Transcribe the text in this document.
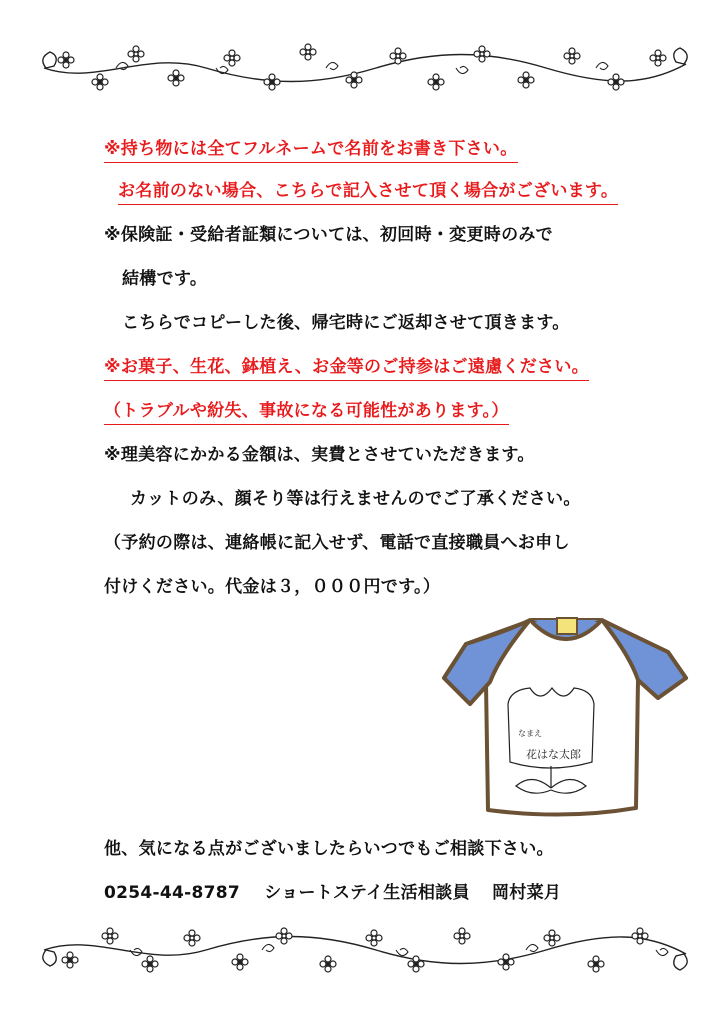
※持ち物には全てフルネームで名前をお書き下さい。
お名前のない場合、こちらで記入させて頂く場合がございます。
※保険証・受給者証類については、初回時・変更時のみで
結構です。
こちらでコピーした後、帰宅時にご返却させて頂きます。
※お菓子、生花、鉢植え、お金等のご持参はご遠慮ください。
（トラブルや紛失、事故になる可能性があります。）
※理美容にかかる金額は、実費とさせていただきます。
カットのみ、顔そり等は行えませんのでご了承ください。
（予約の際は、連絡帳に記入せず、電話で直接職員へお申し
付けください。代金は３，０００円です。）
なまえ
花はな太郎
他、気になる点がございましたらいつでもご相談下さい。
0254-44-8787 ショートステイ生活相談員 岡村菜月
